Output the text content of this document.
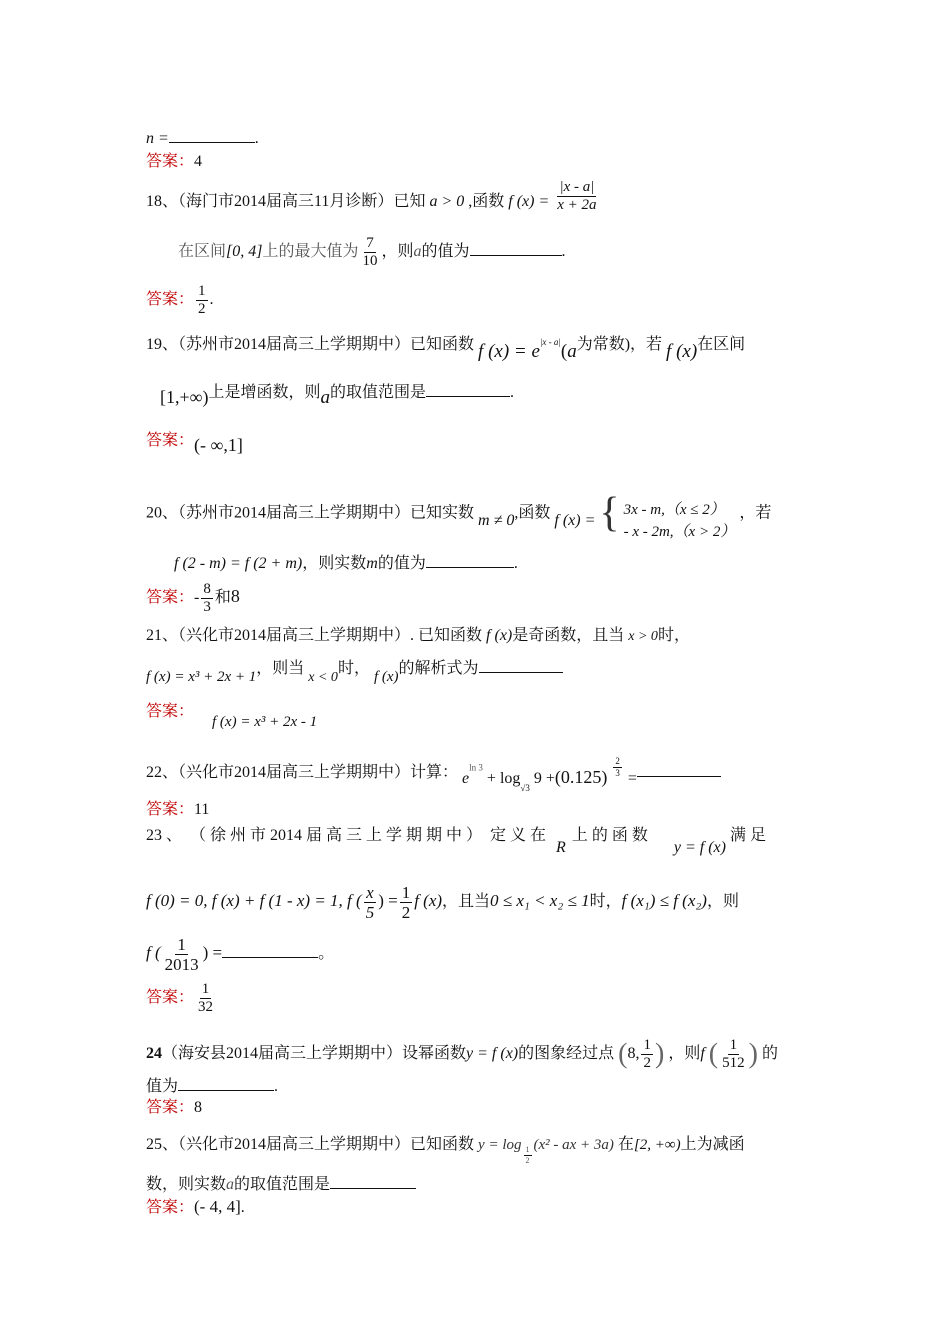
n =	.
答案：4
18、（海门市2014届高三11月诊断）已知 a > 0 ,函数 f $(x) = \frac{|x - a|}{x + 2a}$
在区间[0, 4]上的最大值为 $\frac{7}{10}$ ，则a的值为	.
答案： $\frac{1}{2}$ .
19、（苏州市2014届高三上学期期中）已知函数 f $(x) = e^{|x - a|}(a$为常数)，若 f (x)在区间
[1,+∞)上是增函数，则a的取值范围是	.
答案：(- ∞,1]
20、（苏州市2014届高三上学期期中）已知实数 m ≠ 0,函数 f (x) = { 3x - m,（x ≤ 2）
- x - 2m,（x > 2）
，若
f (2 - m) = f (2 + m)，则实数m的值为	.
答案：- $\frac{8}{3}$ 和8
21、（兴化市2014届高三上学期期中）. 已知函数 f (x)是奇函数，且当 x > 0时，
f (x) = x³ + 2x + 1，则当 x < 0时， f (x)的解析式为
答案：f (x) = x³ + 2x - 1
22、（兴化市2014届高三上学期期中）计算： $e^{ln 3} + \log_{√3} 9 +(0.125) \frac{2}{3}$
=
答案：11
23 、 （ 徐 州 市 2014 届 高 三 上 学 期 期 中 ） 定 义 在 R上 的 函 数 y = f (x)满 足
f (0) = 0, f (x) + f (1 - x) = 1, f ( $\frac{x}{5}$ ) = $\frac{1}{2}$ f (x)，且当0 ≤ x₁ < x₂ ≤ 1时，f (x₁) ≤ f (x₂)，则
f ( $\frac{1}{2013}$ ) =	。
答案： $\frac{1}{32}$
24（海安县2014届高三上学期期中）设幂函数y = f (x)的图象经过点 (8, $\frac{1}{2}$ ) ，则f ( $\frac{1}{512}$ ) 的
值为	.
答案：8
25、（兴化市2014届高三上学期期中）已知函数 y = log
$\frac{1}{2}$
(x² - ax + 3a) 在[2, +∞)上为减函
数，则实数a的取值范围是
答案：(- 4, 4].
